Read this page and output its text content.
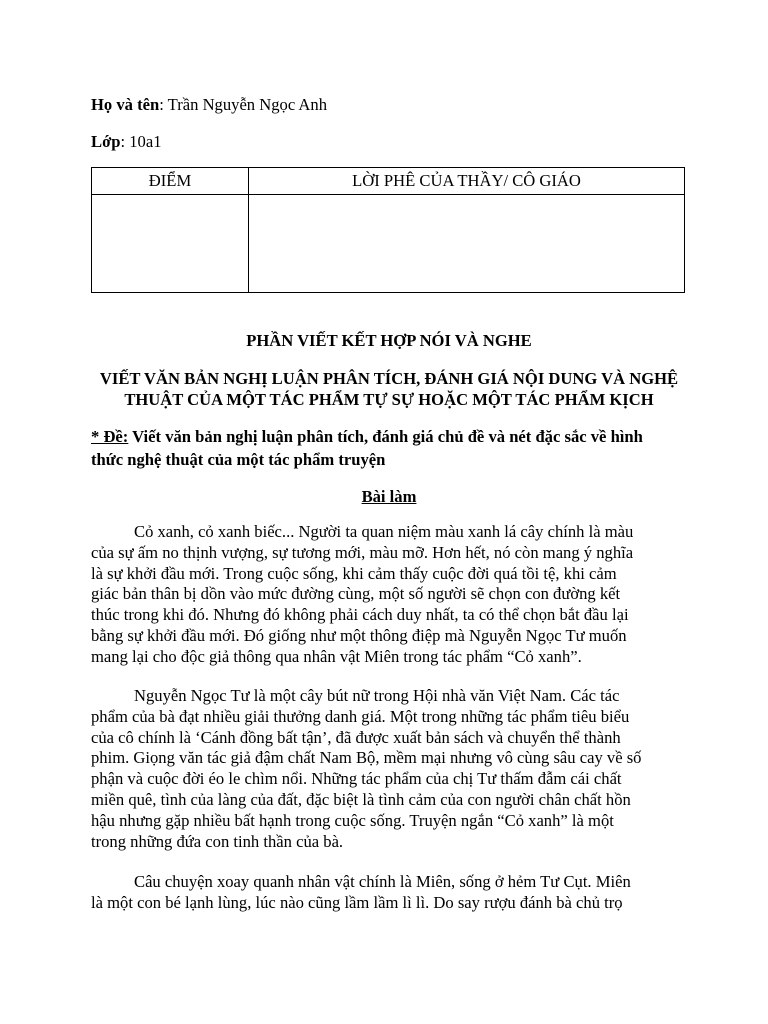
Họ và tên: Trần Nguyễn Ngọc Anh
Lớp: 10a1
ĐIỂM	LỜI PHÊ CỦA THẦY/ CÔ GIÁO

PHẦN VIẾT KẾT HỢP NÓI VÀ NGHE
VIẾT VĂN BẢN NGHỊ LUẬN PHÂN TÍCH, ĐÁNH GIÁ NỘI DUNG VÀ NGHỆ
THUẬT CỦA MỘT TÁC PHẨM TỰ SỰ HOẶC MỘT TÁC PHẨM KỊCH
* Đề: Viết văn bản nghị luận phân tích, đánh giá chủ đề và nét đặc sắc về hình
thức nghệ thuật của một tác phẩm truyện
Bài làm
Cỏ xanh, cỏ xanh biếc... Người ta quan niệm màu xanh lá cây chính là màu
của sự ấm no thịnh vượng, sự tương mới, màu mỡ. Hơn hết, nó còn mang ý nghĩa
là sự khởi đầu mới. Trong cuộc sống, khi cảm thấy cuộc đời quá tồi tệ, khi cảm
giác bản thân bị dồn vào mức đường cùng, một số người sẽ chọn con đường kết
thúc trong khi đó. Nhưng đó không phải cách duy nhất, ta có thể chọn bắt đầu lại
bằng sự khởi đầu mới. Đó giống như một thông điệp mà Nguyễn Ngọc Tư muốn
mang lại cho độc giả thông qua nhân vật Miên trong tác phẩm “Cỏ xanh”.
Nguyễn Ngọc Tư là một cây bút nữ trong Hội nhà văn Việt Nam. Các tác
phẩm của bà đạt nhiều giải thưởng danh giá. Một trong những tác phẩm tiêu biểu
của cô chính là ‘Cánh đồng bất tận’, đã được xuất bản sách và chuyển thể thành
phim. Giọng văn tác giả đậm chất Nam Bộ, mềm mại nhưng vô cùng sâu cay về số
phận và cuộc đời éo le chìm nổi. Những tác phẩm của chị Tư thấm đẫm cái chất
miền quê, tình của làng của đất, đặc biệt là tình cảm của con người chân chất hồn
hậu nhưng gặp nhiều bất hạnh trong cuộc sống. Truyện ngắn “Cỏ xanh” là một
trong những đứa con tinh thần của bà.
Câu chuyện xoay quanh nhân vật chính là Miên, sống ở hẻm Tư Cụt. Miên
là một con bé lạnh lùng, lúc nào cũng lầm lầm lì lì. Do say rượu đánh bà chủ trọ
